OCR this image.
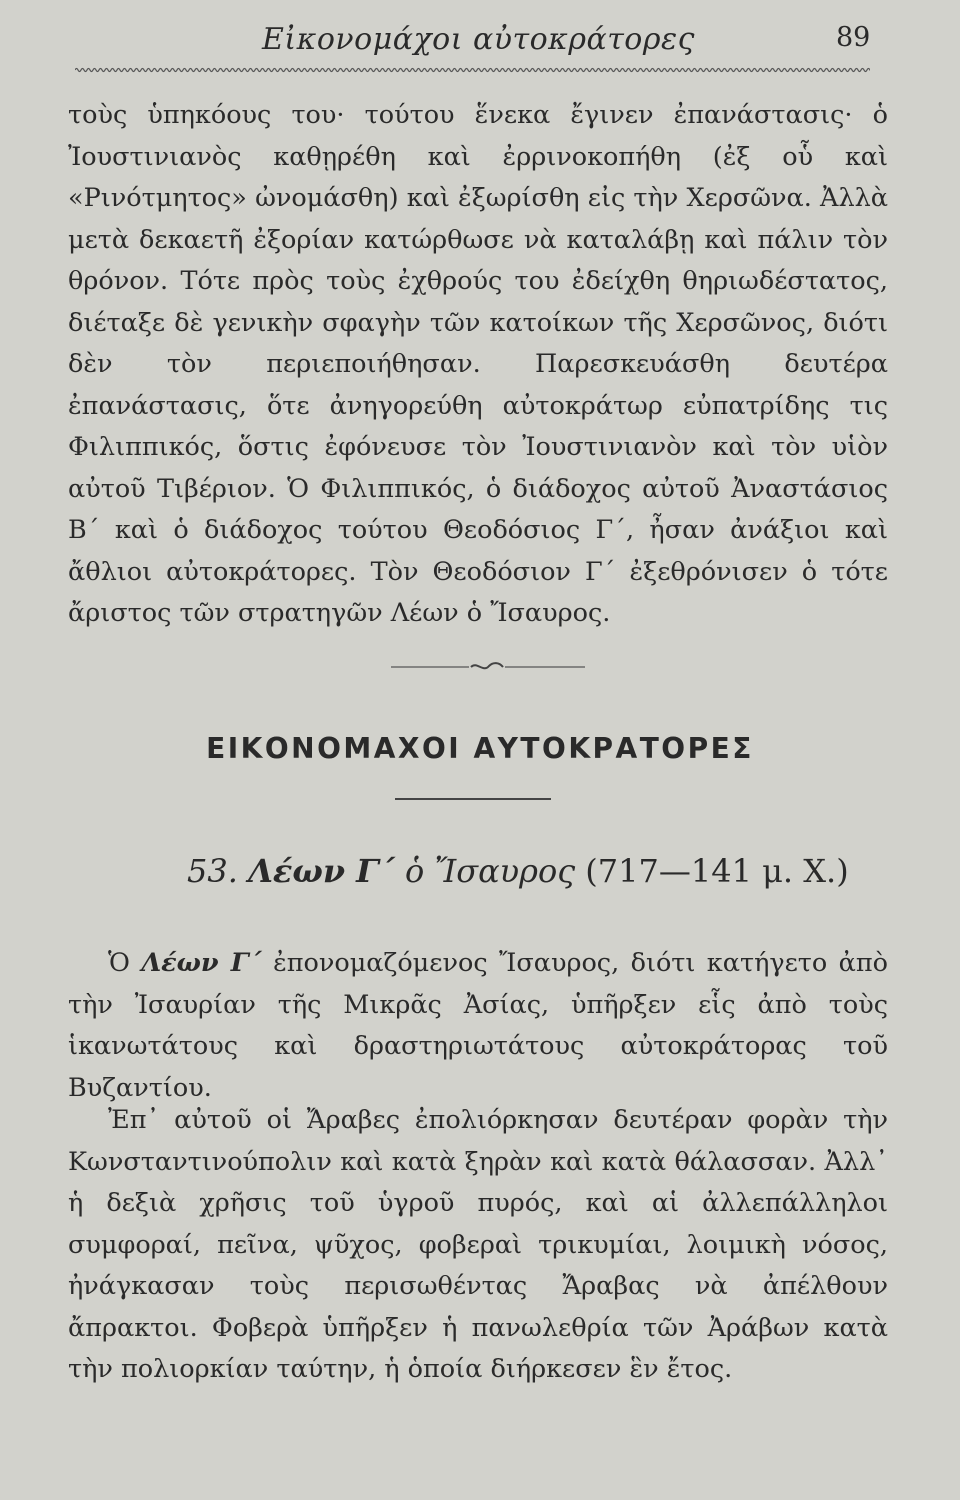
Εἰκονομάχοι αὐτοκράτορες	89

τοὺς ὑπηκόους του· τούτου ἕνεκα ἔγινεν ἐπανάστασις· ὁ Ἰουστινιανὸς καθῃρέθη καὶ ἐρρινοκοπήθη (ἐξ οὗ καὶ «Ρινότμητος» ὠνομάσθη) καὶ ἐξωρίσθη εἰς τὴν Χερσῶνα. Ἀλλὰ μετὰ δεκαετῆ ἐξορίαν κατώρθωσε νὰ καταλάβῃ καὶ πάλιν τὸν θρόνον. Τότε πρὸς τοὺς ἐχθρούς του ἐδείχθη θηριωδέστατος, διέταξε δὲ γενικὴν σφαγὴν τῶν κατοίκων τῆς Χερσῶνος, διότι δὲν τὸν περιεποιήθησαν. Παρεσκευάσθη δευτέρα ἐπανάστασις, ὅτε ἀνηγορεύθη αὐτοκράτωρ εὐπατρίδης τις Φιλιππικός, ὅστις ἐφόνευσε τὸν Ἰουστινιανὸν καὶ τὸν υἱὸν αὐτοῦ Τιβέριον. Ὁ Φιλιππικός, ὁ διάδοχος αὐτοῦ Ἀναστάσιος Β΄ καὶ ὁ διάδοχος τούτου Θεοδόσιος Γ΄, ἦσαν ἀνάξιοι καὶ ἄθλιοι αὐτοκράτορες. Τὸν Θεοδόσιον Γ΄ ἐξεθρόνισεν ὁ τότε ἄριστος τῶν στρατηγῶν Λέων ὁ Ἴσαυρος.

ΕΙΚΟΝΟΜΑΧΟΙ ΑΥΤΟΚΡΑΤΟΡΕΣ
53. Λέων Γ΄ ὁ Ἴσαυρος (717—141 μ. Χ.)

Ὁ Λέων Γ΄ ἐπονομαζόμενος Ἴσαυρος, διότι κατήγετο ἀπὸ τὴν Ἰσαυρίαν τῆς Μικρᾶς Ἀσίας, ὑπῆρξεν εἷς ἀπὸ τοὺς ἱκανωτάτους καὶ δραστηριωτάτους αὐτοκράτορας τοῦ Βυζαντίου.

Ἐπ᾿ αὐτοῦ οἱ Ἄραβες ἐπολιόρκησαν δευτέραν φορὰν τὴν Κωνσταντινούπολιν καὶ κατὰ ξηρὰν καὶ κατὰ θάλασσαν. Ἀλλ᾿ ἡ δεξιὰ χρῆσις τοῦ ὑγροῦ πυρός, καὶ αἱ ἀλλεπάλληλοι συμφοραί, πεῖνα, ψῦχος, φοβεραὶ τρικυμίαι, λοιμικὴ νόσος, ἠνάγκασαν τοὺς περισωθέντας Ἄραβας νὰ ἀπέλθουν ἄπρακτοι. Φοβερὰ ὑπῆρξεν ἡ πανωλεθρία τῶν Ἀράβων κατὰ τὴν πολιορκίαν ταύτην, ἡ ὁποία διήρκεσεν ἓν ἔτος.
